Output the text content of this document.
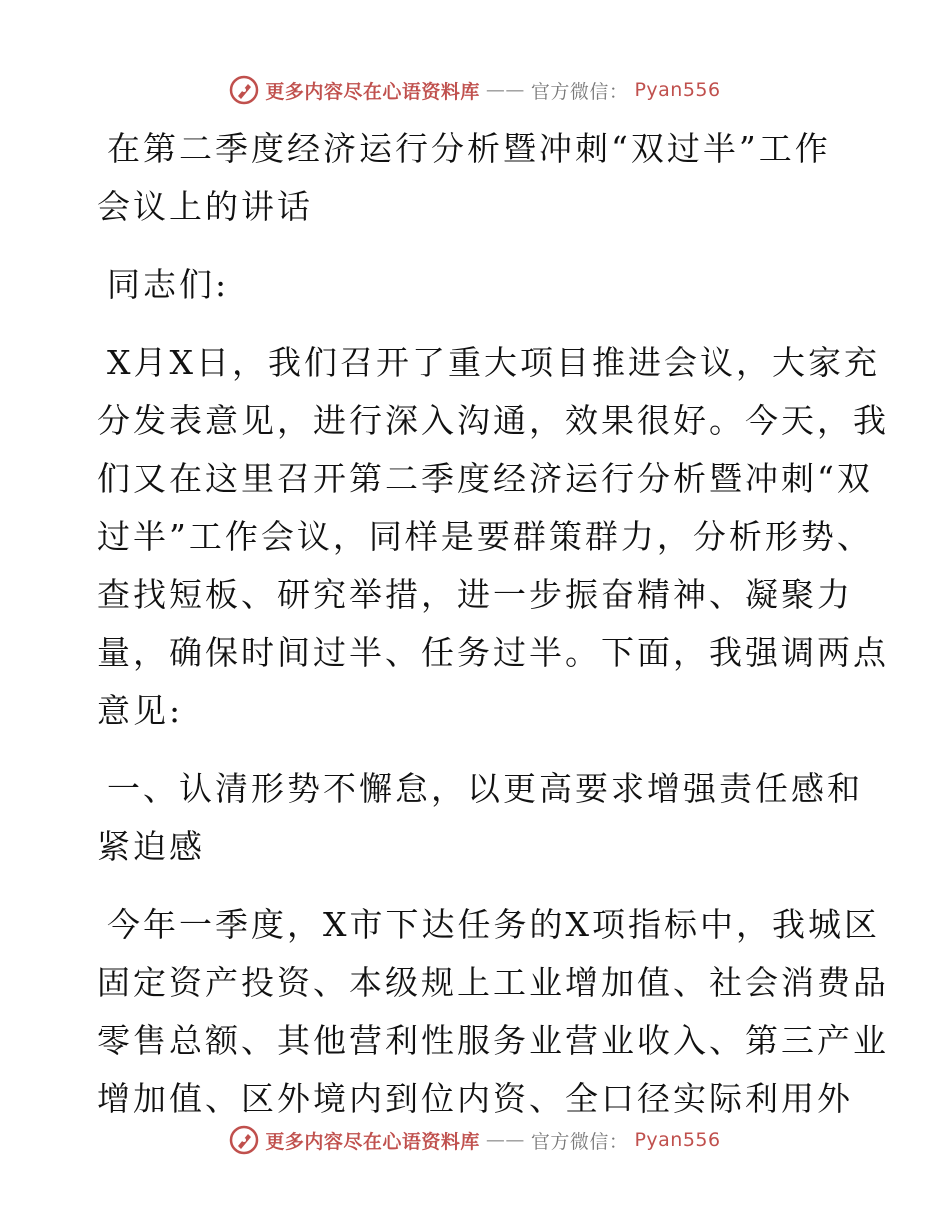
更多内容尽在心语资料库 —— 官方微信： Pyan556
在第二季度经济运行分析暨冲刺“双过半”工作
会议上的讲话
同志们:
X月X日，我们召开了重大项目推进会议，大家充
分发表意见，进行深入沟通，效果很好。今天，我
们又在这里召开第二季度经济运行分析暨冲刺“双
过半”工作会议，同样是要群策群力，分析形势、
查找短板、研究举措，进一步振奋精神、凝聚力
量，确保时间过半、任务过半。下面，我强调两点
意见:
一、认清形势不懈怠，以更高要求增强责任感和
紧迫感
今年一季度，X市下达任务的X项指标中，我城区
固定资产投资、本级规上工业增加值、社会消费品
零售总额、其他营利性服务业营业收入、第三产业
增加值、区外境内到位内资、全口径实际利用外
更多内容尽在心语资料库 —— 官方微信： Pyan556
